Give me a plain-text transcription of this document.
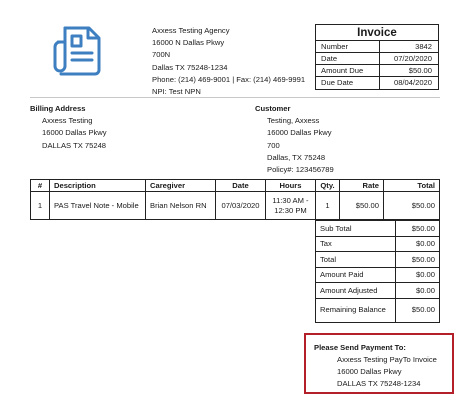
Axxess Testing Agency
16000 N Dallas Pkwy
700N
Dallas TX 75248-1234
Phone: (214) 469-9001 | Fax: (214) 469-9991
NPI: Test NPN
Invoice
Number	3842
Date	07/20/2020
Amount Due	$50.00
Due Date	08/04/2020
Billing Address
Axxess Testing
16000 Dallas Pkwy
DALLAS TX 75248
Customer
Testing, Axxess
16000 Dallas Pkwy
700
Dallas, TX 75248
Policy#: 123456789
#	Description	Caregiver	Date	Hours	Qty.	Rate	Total
1	PAS Travel Note - Mobile	Brian Nelson RN	07/03/2020	11:30 AM - 12:30 PM	1	$50.00	$50.00
Sub Total	$50.00
Tax	$0.00
Total	$50.00
Amount Paid	$0.00
Amount Adjusted	$0.00
Remaining Balance	$50.00
Please Send Payment To:
Axxess Testing PayTo Invoice
16000 Dallas Pkwy
DALLAS TX 75248-1234
